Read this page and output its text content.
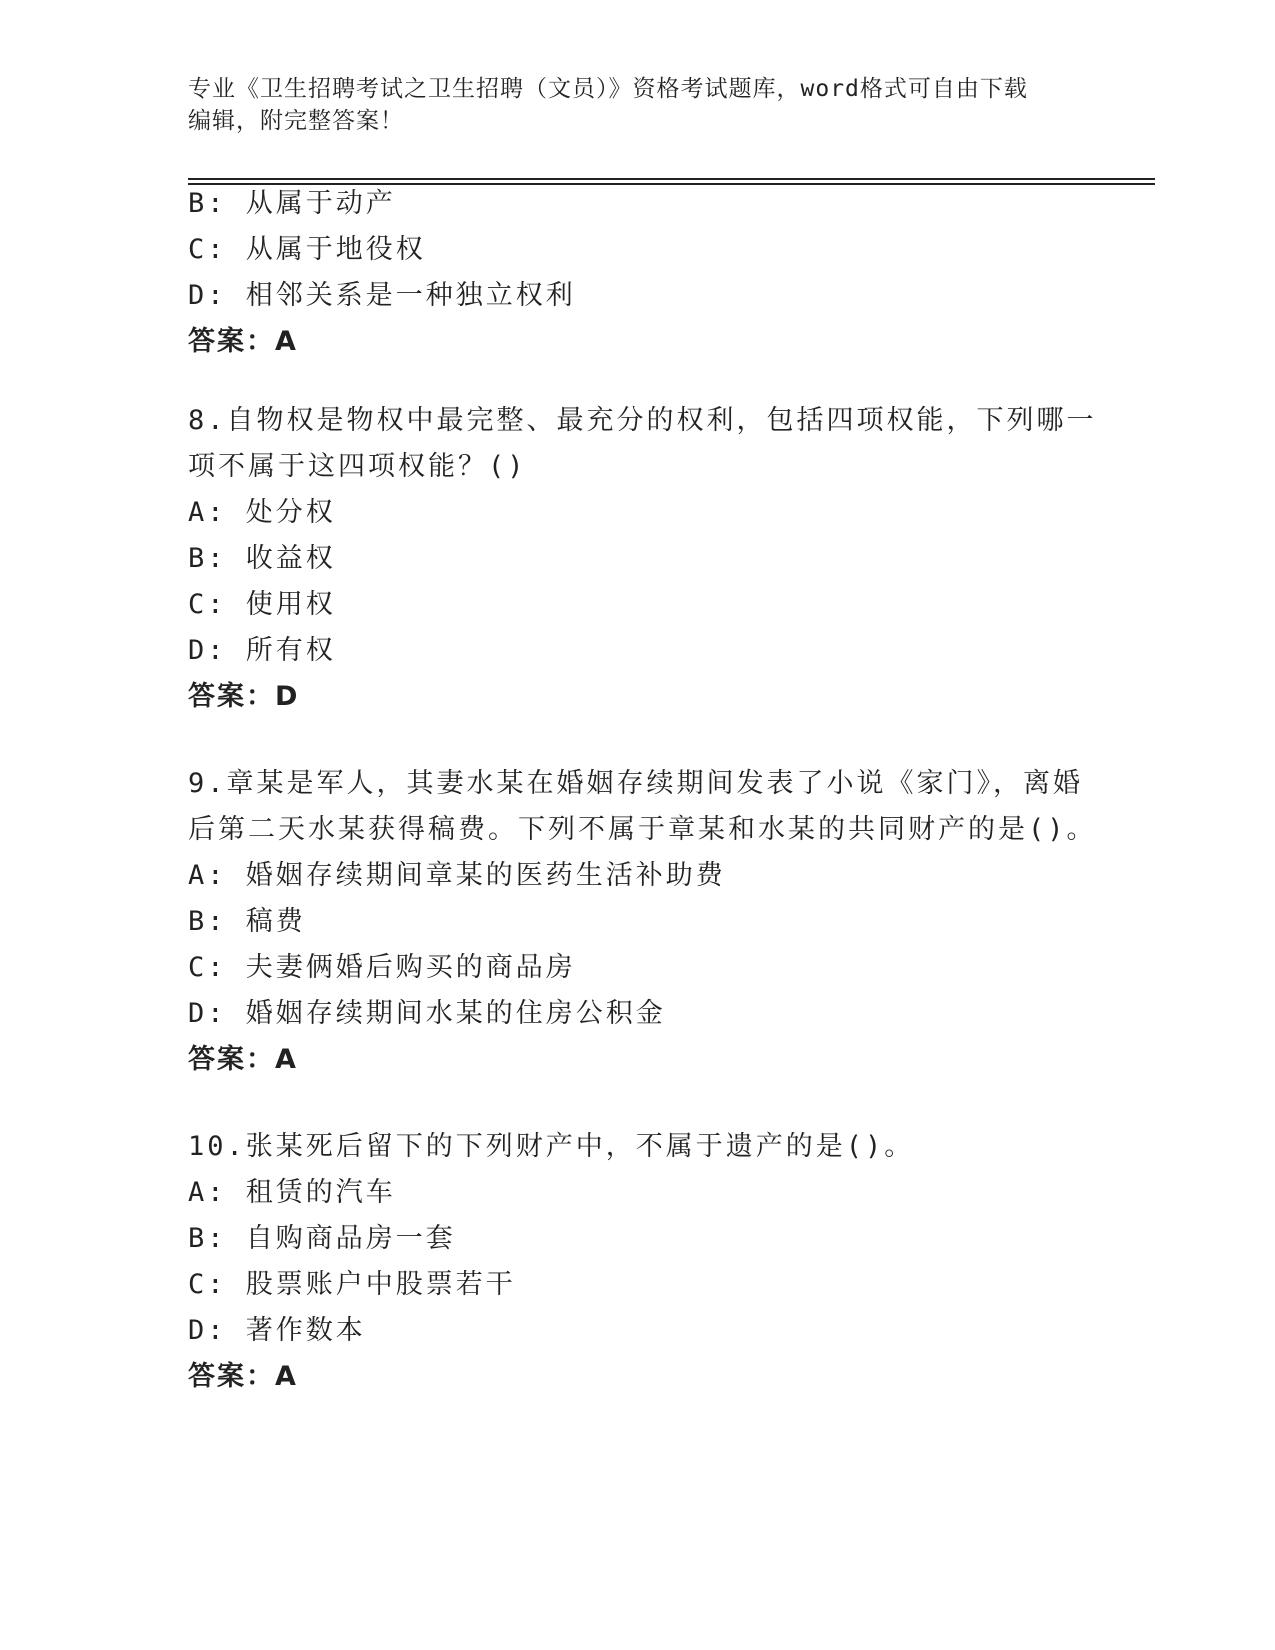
专业《卫生招聘考试之卫生招聘（文员）》资格考试题库，word格式可自由下载
编辑，附完整答案！
B: 从属于动产
C: 从属于地役权
D: 相邻关系是一种独立权利
答案：A
8.自物权是物权中最完整、最充分的权利，包括四项权能，下列哪一
项不属于这四项权能？()
A: 处分权
B: 收益权
C: 使用权
D: 所有权
答案：D
9.章某是军人，其妻水某在婚姻存续期间发表了小说《家门》，离婚
后第二天水某获得稿费。下列不属于章某和水某的共同财产的是()。
A: 婚姻存续期间章某的医药生活补助费
B: 稿费
C: 夫妻俩婚后购买的商品房
D: 婚姻存续期间水某的住房公积金
答案：A
10.张某死后留下的下列财产中，不属于遗产的是()。
A: 租赁的汽车
B: 自购商品房一套
C: 股票账户中股票若干
D: 著作数本
答案：A
